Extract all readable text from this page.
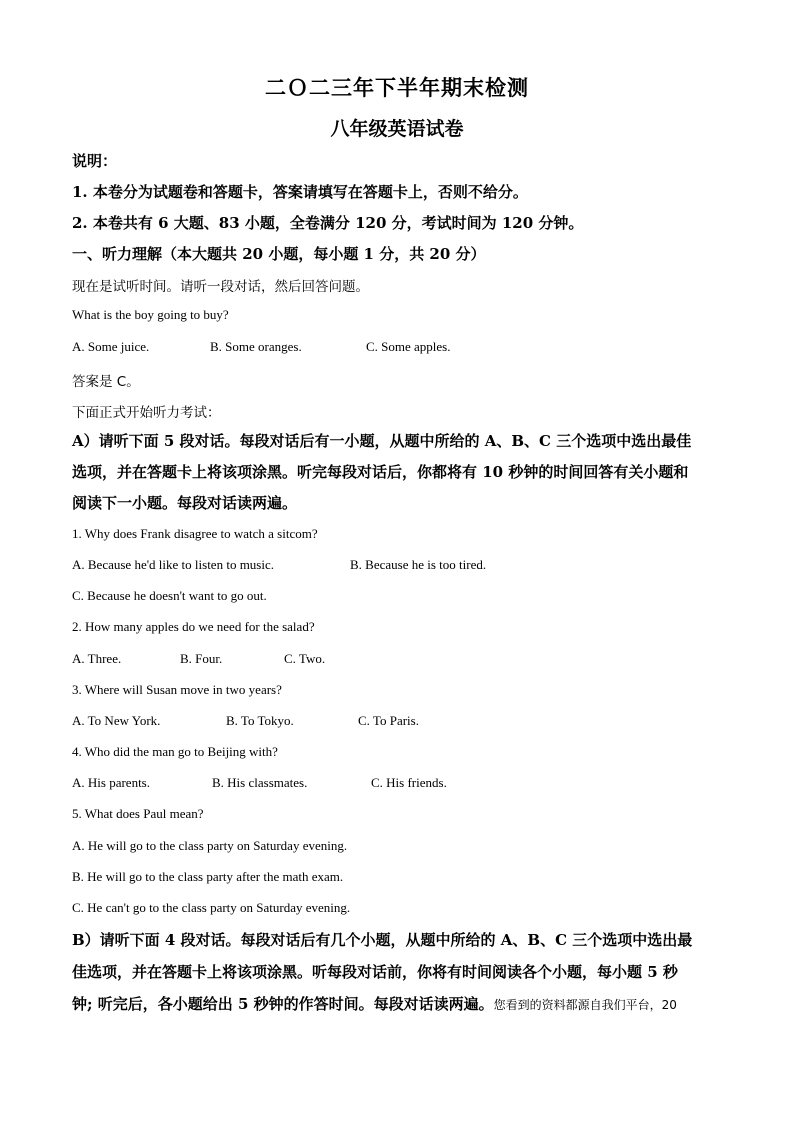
二Ｏ二三年下半年期末检测
八年级英语试卷
说明：
1. 本卷分为试题卷和答题卡，答案请填写在答题卡上，否则不给分。
2. 本卷共有 6 大题、83 小题，全卷满分 120 分，考试时间为 120 分钟。
一、听力理解（本大题共 20 小题，每小题 1 分，共 20 分）
现在是试听时间。请听一段对话，然后回答问题。
What is the boy going to buy?
A. Some juice.	B. Some oranges.	C. Some apples.
答案是 C。
下面正式开始听力考试：
A）请听下面 5 段对话。每段对话后有一小题，从题中所给的 A、B、C 三个选项中选出最佳
选项，并在答题卡上将该项涂黑。听完每段对话后，你都将有 10 秒钟的时间回答有关小题和
阅读下一小题。每段对话读两遍。
1. Why does Frank disagree to watch a sitcom?
A. Because he'd like to listen to music.	B. Because he is too tired.
C. Because he doesn't want to go out.
2. How many apples do we need for the salad?
A. Three.	B. Four.	C. Two.
3. Where will Susan move in two years?
A. To New York.	B. To Tokyo.	C. To Paris.
4. Who did the man go to Beijing with?
A. His parents.	B. His classmates.	C. His friends.
5. What does Paul mean?
A. He will go to the class party on Saturday evening.
B. He will go to the class party after the math exam.
C. He can't go to the class party on Saturday evening.
B）请听下面 4 段对话。每段对话后有几个小题，从题中所给的 A、B、C 三个选项中选出最
佳选项，并在答题卡上将该项涂黑。听每段对话前，你将有时间阅读各个小题，每小题 5 秒
钟; 听完后，各小题给出 5 秒钟的作答时间。每段对话读两遍。您看到的资料都源自我们平台，20
